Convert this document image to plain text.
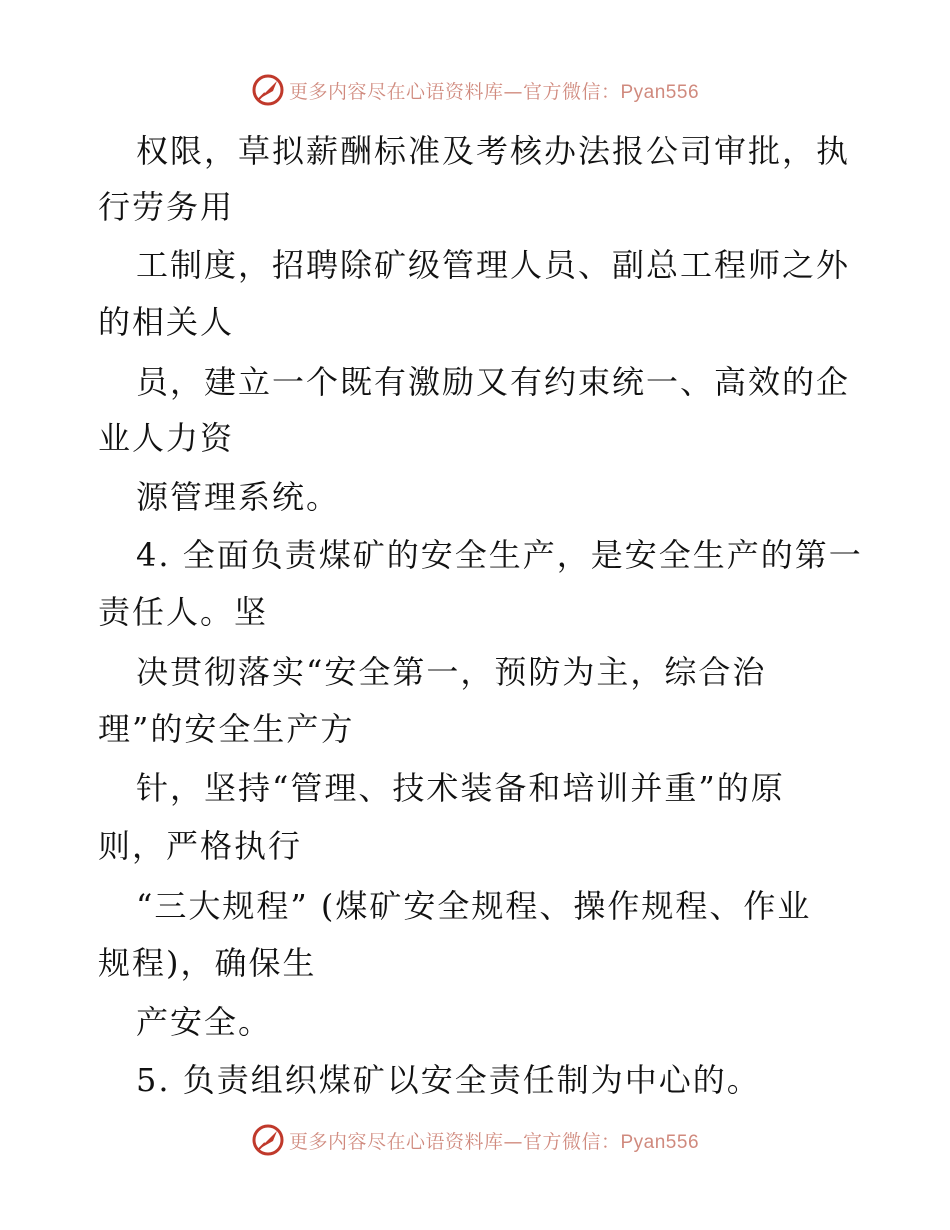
更多内容尽在心语资料库—官方微信：Pyan556
权限，草拟薪酬标准及考核办法报公司审批，执
行劳务用
工制度，招聘除矿级管理人员、副总工程师之外
的相关人
员，建立一个既有激励又有约束统一、高效的企
业人力资
源管理系统。
4. 全面负责煤矿的安全生产，是安全生产的第一
责任人。坚
决贯彻落实“安全第一，预防为主，综合治
理”的安全生产方
针，坚持“管理、技术装备和培训并重”的原
则，严格执行
“三大规程” (煤矿安全规程、操作规程、作业
规程)，确保生
产安全。
5. 负责组织煤矿以安全责任制为中心的。
更多内容尽在心语资料库—官方微信：Pyan556
